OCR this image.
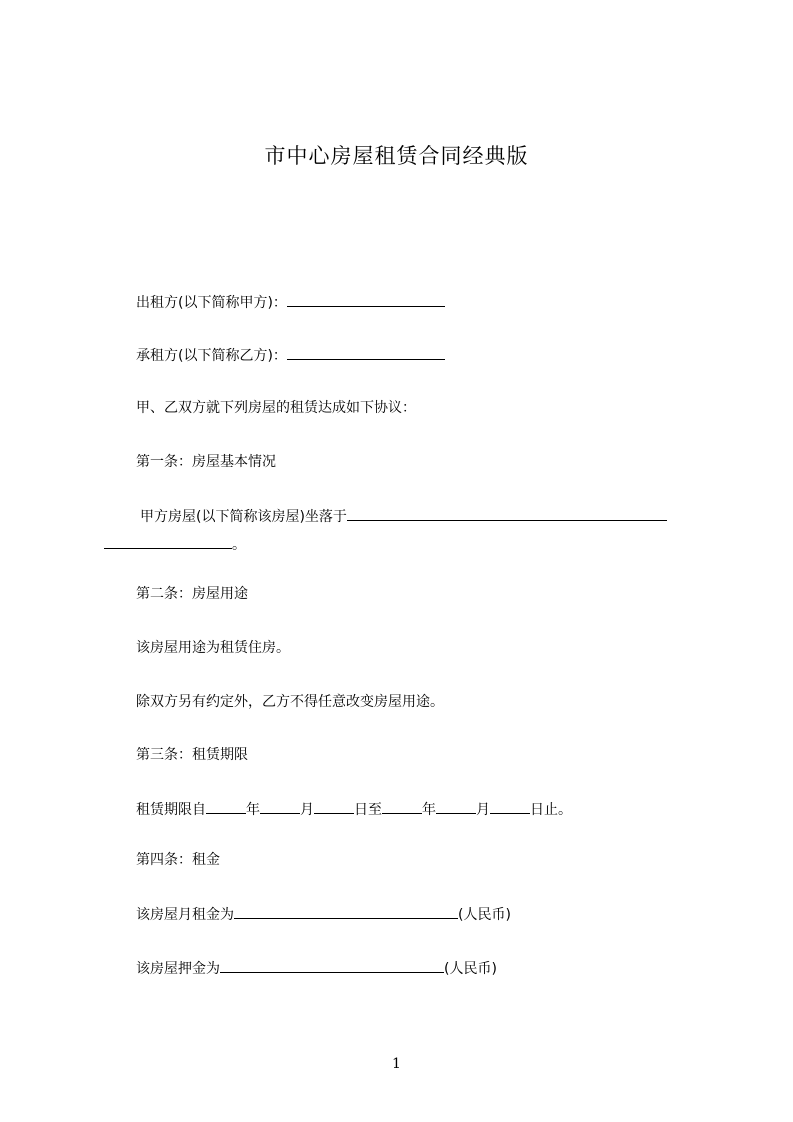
市中心房屋租赁合同经典版
出租方(以下简称甲方)：
承租方(以下简称乙方)：
甲、乙双方就下列房屋的租赁达成如下协议：
第一条：房屋基本情况
甲方房屋(以下简称该房屋)坐落于
。
第二条：房屋用途
该房屋用途为租赁住房。
除双方另有约定外，乙方不得任意改变房屋用途。
第三条：租赁期限
租赁期限自	年	月	日至	年	月	日止。
第四条：租金
该房屋月租金为	(人民币)
该房屋押金为	(人民币)
1
